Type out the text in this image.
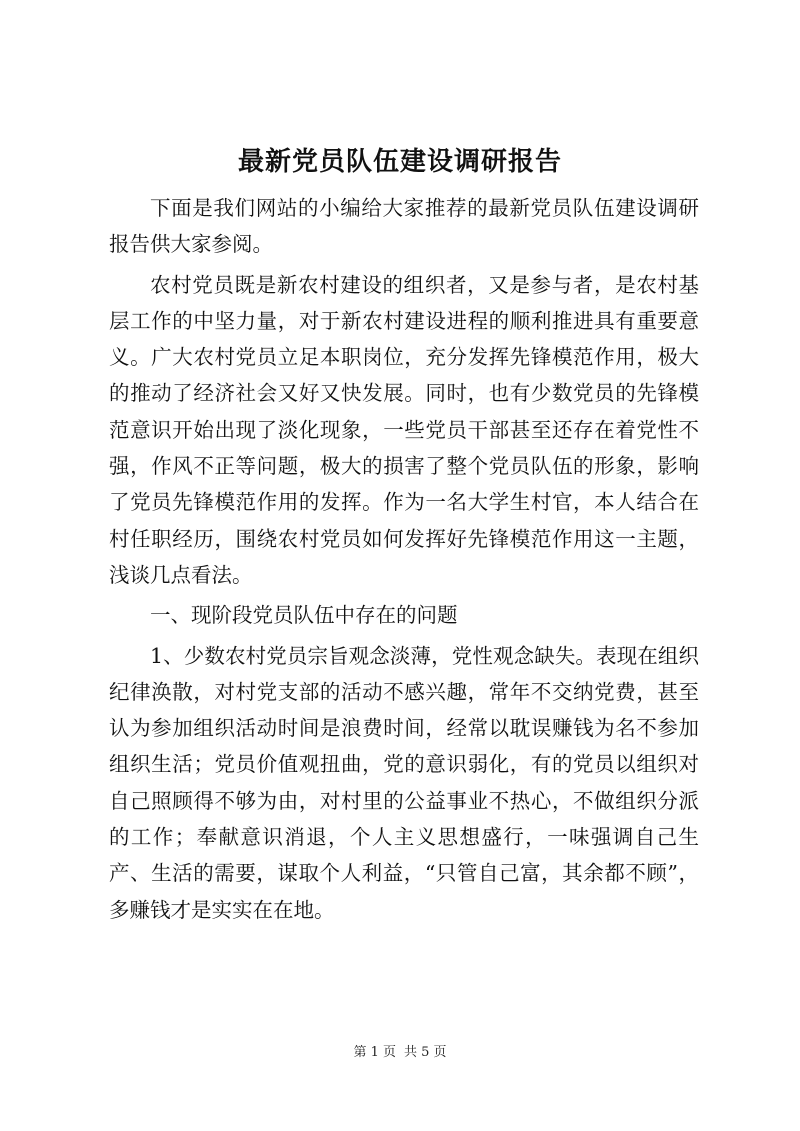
最新党员队伍建设调研报告

下面是我们网站的小编给大家推荐的最新党员队伍建设调研报告供大家参阅。

农村党员既是新农村建设的组织者，又是参与者，是农村基层工作的中坚力量，对于新农村建设进程的顺利推进具有重要意义。广大农村党员立足本职岗位，充分发挥先锋模范作用，极大的推动了经济社会又好又快发展。同时，也有少数党员的先锋模范意识开始出现了淡化现象，一些党员干部甚至还存在着党性不强，作风不正等问题，极大的损害了整个党员队伍的形象，影响了党员先锋模范作用的发挥。作为一名大学生村官，本人结合在村任职经历，围绕农村党员如何发挥好先锋模范作用这一主题，浅谈几点看法。

一、现阶段党员队伍中存在的问题

1、少数农村党员宗旨观念淡薄，党性观念缺失。表现在组织纪律涣散，对村党支部的活动不感兴趣，常年不交纳党费，甚至认为参加组织活动时间是浪费时间，经常以耽误赚钱为名不参加组织生活；党员价值观扭曲，党的意识弱化，有的党员以组织对自己照顾得不够为由，对村里的公益事业不热心，不做组织分派的工作；奉献意识消退，个人主义思想盛行，一味强调自己生产、生活的需要，谋取个人利益，“只管自己富，其余都不顾”，多赚钱才是实实在在地。

第 1 页 共 5 页
